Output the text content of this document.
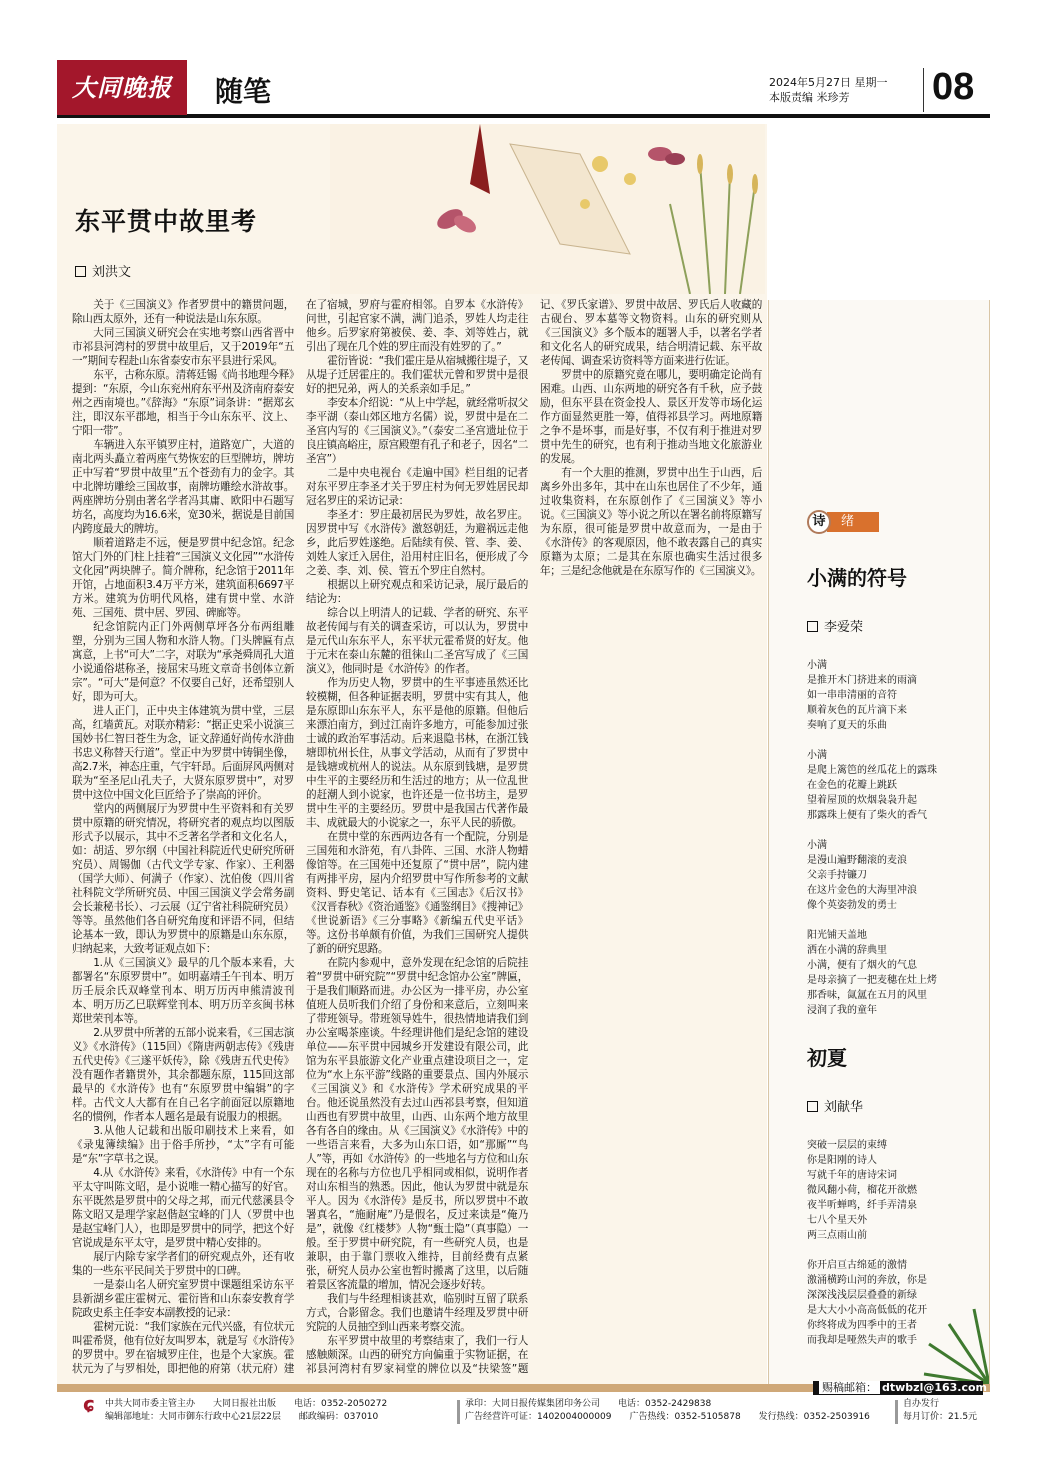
大同晚报	随笔	2024年5月27日 星期一
本版责编 米珍芳	08
东平贯中故里考
刘洪文

关于《三国演义》作者罗贯中的籍贯问题，除山西太原外，还有一种说法是山东东原。

大同三国演义研究会在实地考察山西省晋中市祁县河湾村的罗贯中故里后，又于2019年“五一”期间专程赴山东省泰安市东平县进行采风。

东平，古称东原。清蒋廷锡《尚书地理今释》提到：“东原，今山东兖州府东平州及济南府泰安州之西南境也。”《辞海》“东原”词条讲：“据郑玄注，即汉东平郡地，相当于今山东东平、汶上、宁阳一带”。

车辆进入东平镇罗庄村，道路宽广，大道的南北两头矗立着两座气势恢宏的巨型牌坊，牌坊正中写着“罗贯中故里”五个苍劲有力的金字。其中北牌坊雕绘三国故事，南牌坊雕绘水浒故事。两座牌坊分别由著名学者冯其庸、欧阳中石题写坊名，高度均为16.6米，宽30米，据说是目前国内跨度最大的牌坊。

顺着道路走不远，便是罗贯中纪念馆。纪念馆大门外的门柱上挂着“三国演义文化园”“水浒传文化园”两块牌子。简介牌称，纪念馆于2011年开馆，占地面积3.4万平方米，建筑面积6697平方米。建筑为仿明代风格，建有贯中堂、水浒苑、三国苑、贯中居、罗园、碑廊等。

纪念馆院内正门外两侧草坪各分布两组雕塑，分别为三国人物和水浒人物。门头牌匾有点寓意，上书“可大”二字，对联为“承尧舜周孔大道小说通俗堪称圣，接屈宋马班文章奇书创体立新宗”。“可大”是何意？不仅要自己好，还希望别人好，即为可大。

进人正门，正中央主体建筑为贯中堂，三层高，红墙黄瓦。对联亦精彩：“据正史采小说演三国妙书仁智曰苍生为念，证文辞通好尚传水浒曲书忠义称替天行道”。堂正中为罗贯中铸铜坐像，高2.7米，神态庄重，气宇轩昂。后面屏风两侧对联为“至圣尼山孔夫子，大贤东原罗贯中”，对罗贯中这位中国文化巨匠给予了崇高的评价。

堂内的两侧展厅为罗贯中生平资料和有关罗贯中原籍的研究情况，将研究者的观点均以图版形式予以展示，其中不乏著名学者和文化名人，如：胡适、罗尔纲（中国社科院近代史研究所研究员）、周锡伽（古代文学专家、作家）、王利器（国学大师）、何满子（作家）、沈伯俊（四川省社科院文学所研究员、中国三国演义学会常务副会长兼秘书长）、刁云展（辽宁省社科院研究员）等等。虽然他们各自研究角度和评语不同，但结论基本一致，即认为罗贯中的原籍是山东东原，归纳起来，大致考证观点如下：

1.从《三国演义》最早的几个版本来看，大都署名“东原罗贯中”。如明嘉靖壬午刊本、明万历壬辰余氏双峰堂刊本、明万历丙申熊清波刊本、明万历乙巳联辉堂刊本、明万历辛亥闽书林郑世荣刊本等。

2.从罗贯中所著的五部小说来看，《三国志演义》《水浒传》（115回）《隋唐两朝志传》《残唐五代史传》《三遂平妖传》，除《残唐五代史传》没有题作者籍贯外，其余都题东原，115回这部最早的《水浒传》也有“东原罗贯中编辑”的字样。古代文人大都有在自己名字前面冠以原籍地名的惯例，作者本人题名是最有说服力的根据。

3.从他人记载和出版印刷技术上来看，如《录鬼簿续编》出于俗手所抄，“太”字有可能是“东”字草书之误。

4.从《水浒传》来看，《水浒传》中有一个东平太守叫陈文昭，是小说唯一精心描写的好官。东平既然是罗贯中的父母之邦，而元代慈溪县令陈文昭又是理学家赵偕赵宝峰的门人（罗贯中也是赵宝峰门人），也即是罗贯中的同学，把这个好官说成是东平太守，是罗贯中精心安排的。

展厅内除专家学者们的研究观点外，还有收集的一些东平民间关于罗贯中的口碑。

一是泰山名人研究室罗贯中课题组采访东平县新湖乡霍庄霍树元、霍衍皆和山东泰安教育学院政史系主任李安本副教授的记录：

霍树元说：“我们家族在元代兴盛，有位状元叫霍希贤，他有位好友叫罗本，就是写《水浒传》的罗贯中。罗在宿城罗庄住，也是个大家族。霍状元为了与罗相处，即把他的府第（状元府）建在了宿城，罗府与霍府相邻。自罗本《水浒传》问世，引起官家不满，满门追杀，罗姓人均走往他乡。后罗家府第被侯、姜、李、刘等姓占，就引出了现在几个姓的罗庄而没有姓罗的了。”

霍衍皆说：“我们霍庄是从宿城搬往堤子，又从堤子迁居霍庄的。我们霍状元曾和罗贯中是很好的把兄弟，两人的关系亲如手足。”

李安本介绍说：“从上中学起，就经常听叔父李平湖（泰山郊区地方名儒）说，罗贯中是在二圣宫内写的《三国演义》。”（泰安二圣宫遗址位于良庄镇高峪庄，原宫殿塑有孔子和老子，因名“二圣宫”）

二是中央电视台《走遍中国》栏目组的记者对东平罗庄李圣才关于罗庄村为何无罗姓居民却冠名罗庄的采访记录：

李圣才：罗庄最初居民为罗姓，故名罗庄。因罗贯中写《水浒传》激怒朝廷，为避祸远走他乡，此后罗姓遂绝。后陆续有侯、管、李、姜、刘姓人家迁入居住，沿用村庄旧名，便形成了今之姜、李、刘、侯、管五个罗庄自然村。

根据以上研究观点和采访记录，展厅最后的结论为：

综合以上明清人的记载、学者的研究、东平故老传闻与有关的调查采访，可以认为，罗贯中是元代山东东平人，东平状元霍希贤的好友。他于元末在泰山东麓的徂徕山二圣宫写成了《三国演义》，他同时是《水浒传》的作者。

作为历史人物，罗贯中的生平事迹虽然还比较模糊，但各种证据表明，罗贯中实有其人，他是东原即山东东平人，东平是他的原籍。但他后来漂泊南方，到过江南许多地方，可能参加过张士诚的政治军事活动。后来退隐书林，在浙江钱塘即杭州长住，从事文学活动，从而有了罗贯中是钱塘或杭州人的说法。从东原到钱塘，是罗贯中生平的主要经历和生活过的地方；从一位乱世的赶潮人到小说家，也许还是一位书坊主，是罗贯中生平的主要经历。罗贯中是我国古代著作最丰、成就最大的小说家之一，东平人民的骄傲。

在贯中堂的东西两边各有一个配院，分别是三国苑和水浒苑，有八卦阵、三国、水浒人物蜡像馆等。在三国苑中还复原了“贯中居”，院内建有两排平房，屋内介绍罗贯中写作所参考的文献资料、野史笔记、话本有《三国志》《后汉书》《汉晋春秋》《资治通鉴》《通鉴纲目》《搜神记》《世说新语》《三分事略》《新编五代史平话》等。这份书单颇有价值，为我们三国研究人提供了新的研究思路。

在院内参观中，意外发现在纪念馆的后院挂着“罗贯中研究院”“罗贯中纪念馆办公室”牌匾，于是我们顺路而进。办公区为一排平房，办公室值班人员听我们介绍了身份和来意后，立刻叫来了带班领导。带班领导姓牛，很热情地请我们到办公室喝茶座谈。牛经理讲他们是纪念馆的建设单位——东平贯中园城乡开发建设有限公司，此馆为东平县旅游文化产业重点建设项目之一，定位为“水上东平游”线路的重要景点、国内外展示《三国演义》和《水浒传》学术研究成果的平台。他还说虽然没有去过山西祁县考察，但知道山西也有罗贯中故里，山西、山东两个地方故里各有各自的缘由。从《三国演义》《水浒传》中的一些语言来看，大多为山东口语，如“那厮”“鸟人”等，再如《水浒传》的一些地名与方位和山东现在的名称与方位也几乎相同或相似，说明作者对山东相当的熟悉。因此，他认为罗贯中就是东平人。因为《水浒传》是反书，所以罗贯中不敢署真名，“施耐庵”乃是假名，反过来读是“俺乃是”，就像《红楼梦》人物“甄士隐”（真事隐）一般。至于罗贯中研究院，有一些研究人员，也是兼职，由于靠门票收入维持，目前经费有点紧张，研究人员办公室也暂时搬离了这里，以后随着景区客流量的增加，情况会逐步好转。

我们与牛经理相谈甚欢，临别时互留了联系方式，合影留念。我们也邀请牛经理及罗贯中研究院的人员抽空到山西来考察交流。

东平罗贯中故里的考察结束了，我们一行人感触颇深。山西的研究方向偏重于实物证据，在祁县河湾村有罗家祠堂的牌位以及“扶梁签”题记、《罗氏家谱》、罗贯中故居、罗氏后人收藏的古砚台、罗本墓等文物资料。山东的研究则从《三国演义》多个版本的题署人手，以著名学者和文化名人的研究成果，结合明清记载、东平故老传闻、调查采访资料等方面来进行佐证。

罗贯中的原籍究竟在哪儿，要明确定论尚有困难。山西、山东两地的研究各有千秋，应予鼓励，但东平县在资金投人、景区开发等市场化运作方面显然更胜一筹，值得祁县学习。两地原籍之争不是坏事，而是好事，不仅有利于推进对罗贯中先生的研究，也有利于推动当地文化旅游业的发展。

有一个大胆的推测，罗贯中出生于山西，后离乡外出多年，其中在山东也居住了不少年，通过收集资料，在东原创作了《三国演义》等小说。《三国演义》等小说之所以在署名前将原籍写为东原，很可能是罗贯中故意而为，一是由于《水浒传》的客观原因，他不敢表露自己的真实原籍为太原；二是其在东原也确实生活过很多年；三是纪念他就是在东原写作的《三国演义》。

绪
诗
小满的符号
李爱荣
小满
是推开木门挤进来的雨滴
如一串串清丽的音符
顺着灰色的瓦片滴下来
奏响了夏天的乐曲
小满
是爬上篱笆的丝瓜花上的露珠
在金色的花瓣上跳跃
望着屋顶的炊烟袅袅升起
那露珠上便有了柴火的香气
小满
是漫山遍野翻滚的麦浪
父亲手持镰刀
在这片金色的大海里冲浪
像个英姿勃发的勇士
阳光铺天盖地
洒在小满的辞典里
小满，便有了烟火的气息
是母亲摘了一把麦穗在灶上烤
那香味，氤氲在五月的风里
浸润了我的童年
初夏
刘献华
突破一层层的束缚
你是阳刚的诗人
写就千年的唐诗宋词
微风翻小荷，榴花开欲燃
夜半听蝉鸣，纤手弄清泉
七八个星天外
两三点雨山前
你开启亘古绵延的激情
激涌横跨山河的奔放，你是
深深浅浅层层叠叠的新绿
是大大小小高高低低的花开
你终将成为四季中的王者
而我却是哑然失声的歌手
赐稿邮箱： dtwbzl@163.com
ɕ 中共大同市委主管主办　　大同日报社出版　　电话：0352-2050272
编辑部地址：大同市御东行政中心21层22层　　邮政编码：037010
承印：大同日报传媒集团印务公司　　电话：0352-2429838
广告经营许可证：1402004000009　　广告热线：0352-5105878　　发行热线：0352-2503916
自办发行
每月订价：21.5元
